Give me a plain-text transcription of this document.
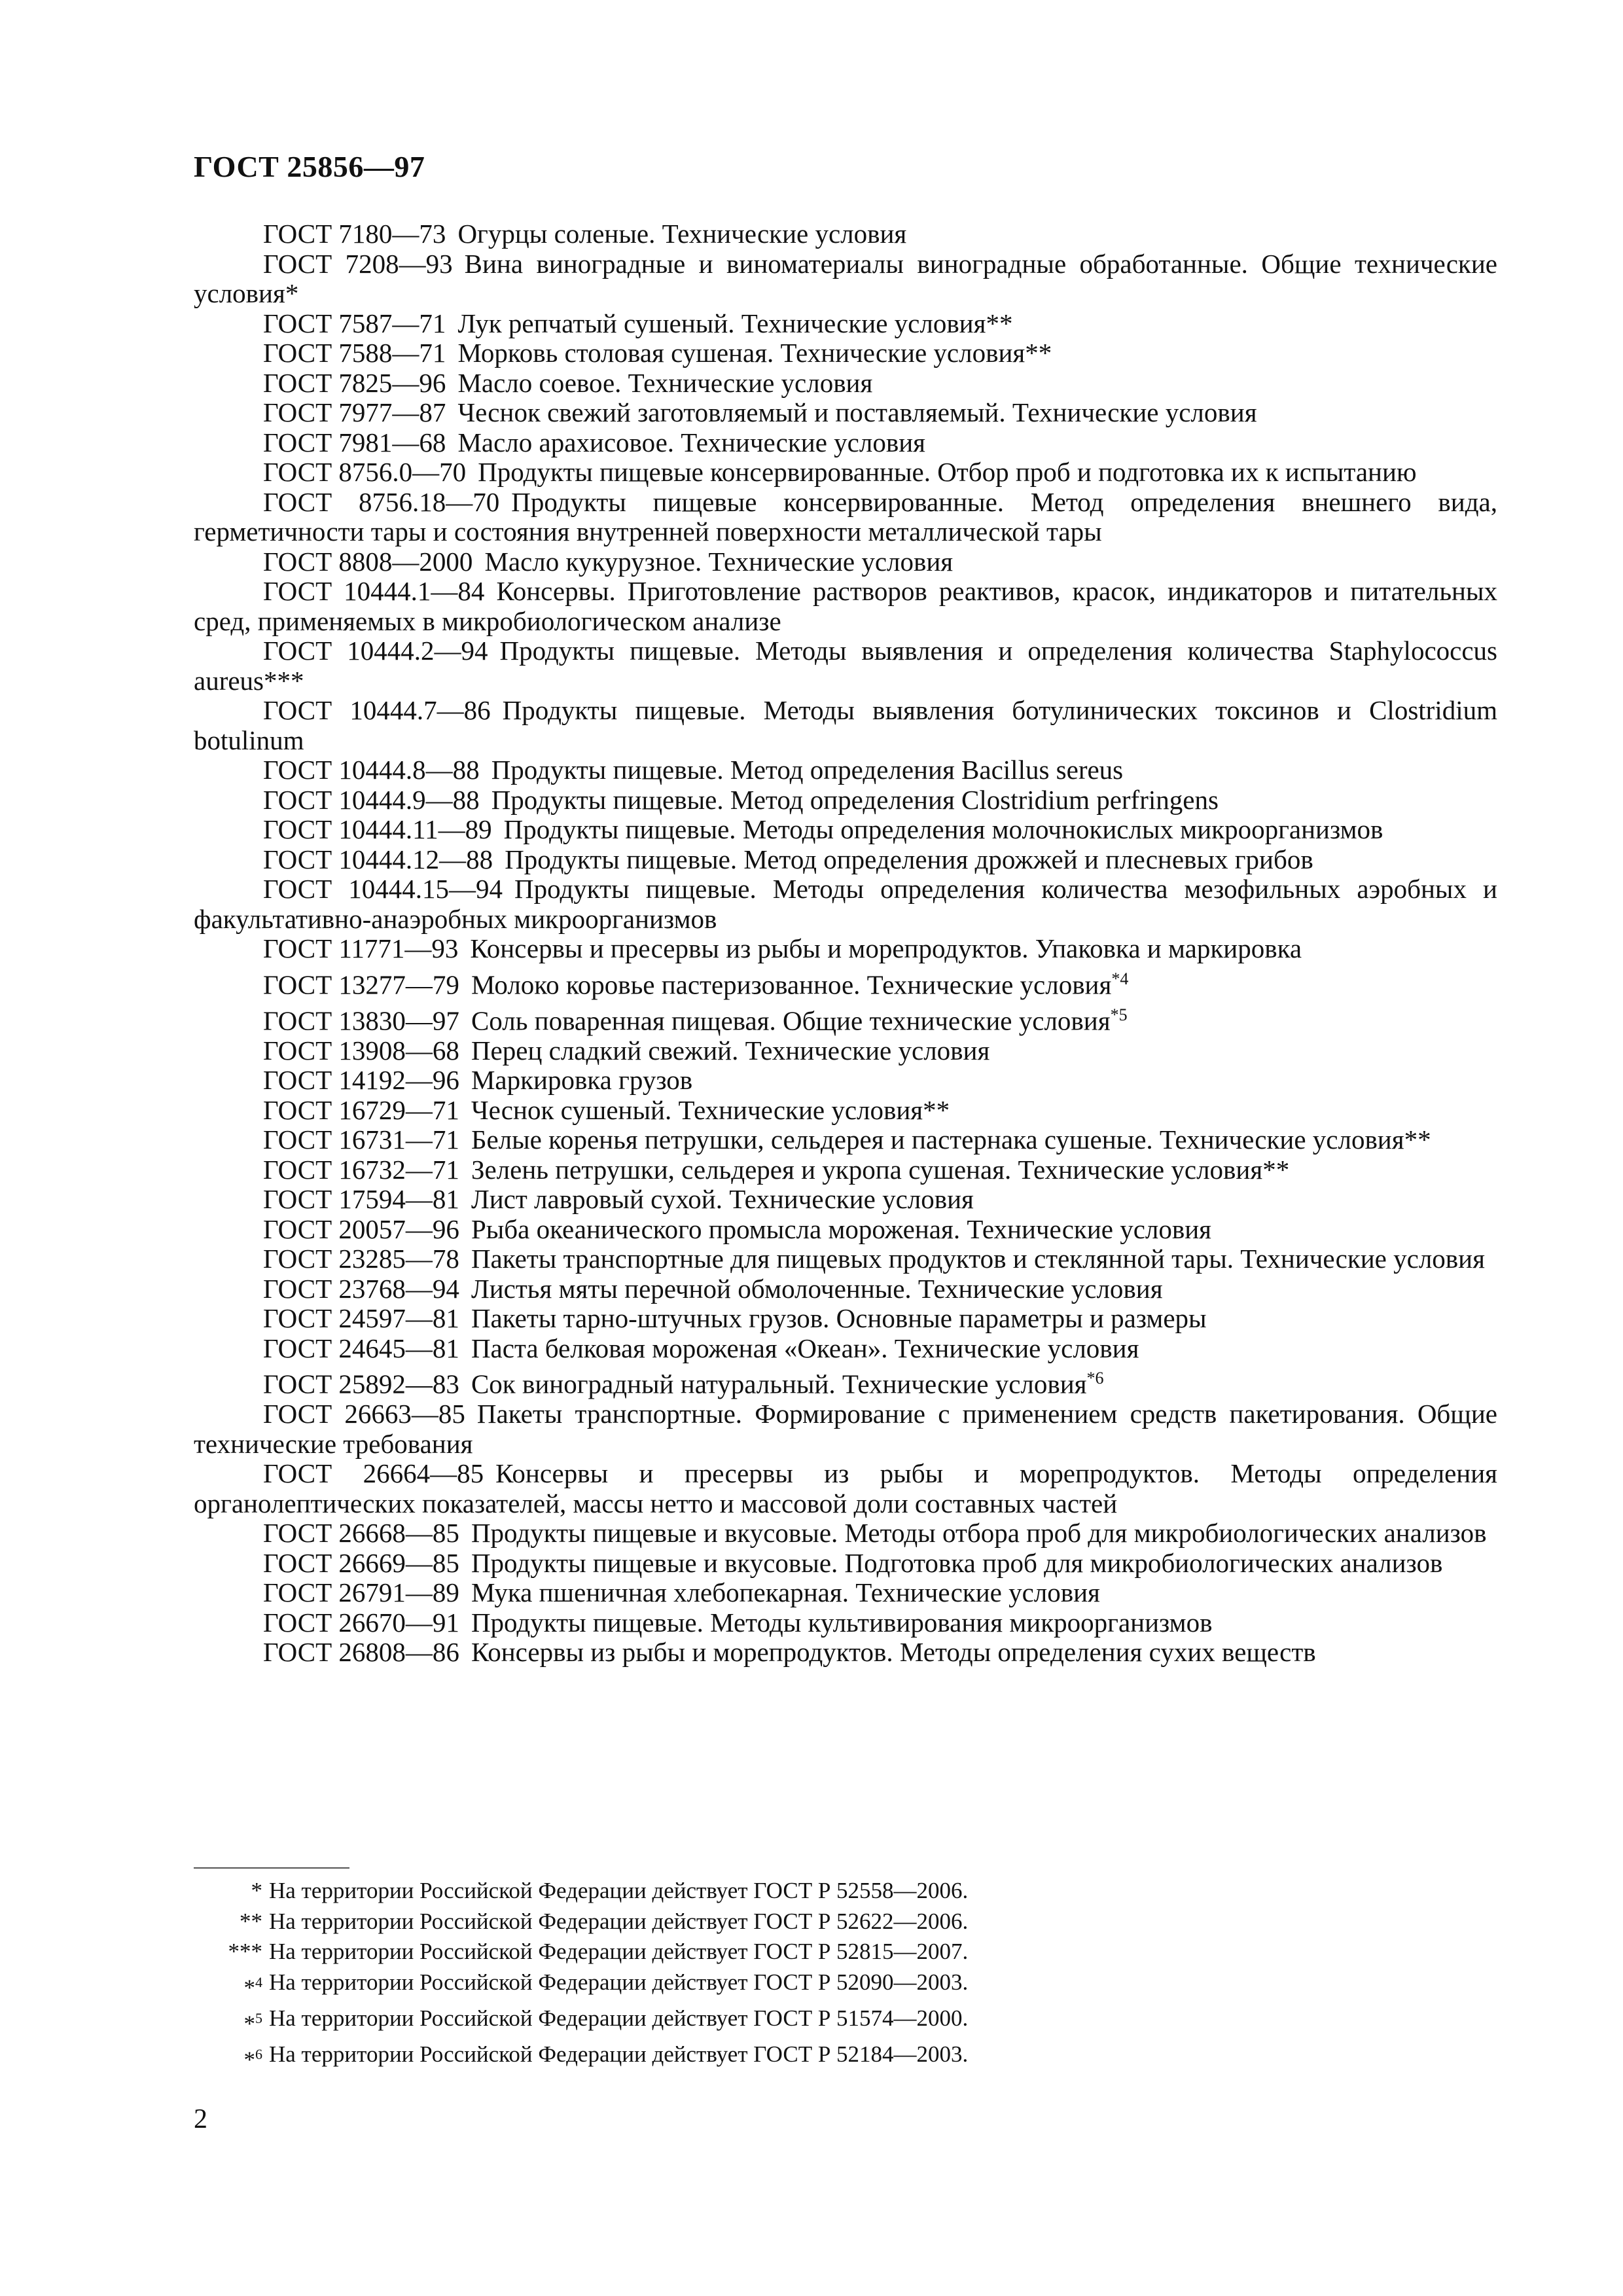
ГОСТ 25856—97

ГОСТ 7180—73 Огурцы соленые. Технические условия

ГОСТ 7208—93 Вина виноградные и виноматериалы виноградные обработанные. Общие технические условия*

ГОСТ 7587—71 Лук репчатый сушеный. Технические условия**

ГОСТ 7588—71 Морковь столовая сушеная. Технические условия**

ГОСТ 7825—96 Масло соевое. Технические условия

ГОСТ 7977—87 Чеснок свежий заготовляемый и поставляемый. Технические условия

ГОСТ 7981—68 Масло арахисовое. Технические условия

ГОСТ 8756.0—70 Продукты пищевые консервированные. Отбор проб и подготовка их к испытанию

ГОСТ 8756.18—70 Продукты пищевые консервированные. Метод определения внешнего вида, герметичности тары и состояния внутренней поверхности металлической тары

ГОСТ 8808—2000 Масло кукурузное. Технические условия

ГОСТ 10444.1—84 Консервы. Приготовление растворов реактивов, красок, индикаторов и питательных сред, применяемых в микробиологическом анализе

ГОСТ 10444.2—94 Продукты пищевые. Методы выявления и определения количества Staphylococcus aureus***

ГОСТ 10444.7—86 Продукты пищевые. Методы выявления ботулинических токсинов и Clostridium botulinum

ГОСТ 10444.8—88 Продукты пищевые. Метод определения Bacillus sereus

ГОСТ 10444.9—88 Продукты пищевые. Метод определения Clostridium perfringens

ГОСТ 10444.11—89 Продукты пищевые. Методы определения молочнокислых микроорганизмов

ГОСТ 10444.12—88 Продукты пищевые. Метод определения дрожжей и плесневых грибов

ГОСТ 10444.15—94 Продукты пищевые. Методы определения количества мезофильных аэробных и факультативно-анаэробных микроорганизмов

ГОСТ 11771—93 Консервы и пресервы из рыбы и морепродуктов. Упаковка и маркировка

ГОСТ 13277—79 Молоко коровье пастеризованное. Технические условия$^{*4}$

ГОСТ 13830—97 Соль поваренная пищевая. Общие технические условия$^{*5}$

ГОСТ 13908—68 Перец сладкий свежий. Технические условия

ГОСТ 14192—96 Маркировка грузов

ГОСТ 16729—71 Чеснок сушеный. Технические условия**

ГОСТ 16731—71 Белые коренья петрушки, сельдерея и пастернака сушеные. Технические условия**

ГОСТ 16732—71 Зелень петрушки, сельдерея и укропа сушеная. Технические условия**

ГОСТ 17594—81 Лист лавровый сухой. Технические условия

ГОСТ 20057—96 Рыба океанического промысла мороженая. Технические условия

ГОСТ 23285—78 Пакеты транспортные для пищевых продуктов и стеклянной тары. Технические условия

ГОСТ 23768—94 Листья мяты перечной обмолоченные. Технические условия

ГОСТ 24597—81 Пакеты тарно-штучных грузов. Основные параметры и размеры

ГОСТ 24645—81 Паста белковая мороженая «Океан». Технические условия

ГОСТ 25892—83 Сок виноградный натуральный. Технические условия$^{*6}$

ГОСТ 26663—85 Пакеты транспортные. Формирование с применением средств пакетирования. Общие технические требования

ГОСТ 26664—85 Консервы и пресервы из рыбы и морепродуктов. Методы определения органолептических показателей, массы нетто и массовой доли составных частей

ГОСТ 26668—85 Продукты пищевые и вкусовые. Методы отбора проб для микробиологических анализов

ГОСТ 26669—85 Продукты пищевые и вкусовые. Подготовка проб для микробиологических анализов

ГОСТ 26791—89 Мука пшеничная хлебопекарная. Технические условия

ГОСТ 26670—91 Продукты пищевые. Методы культивирования микроорганизмов

ГОСТ 26808—86 Консервы из рыбы и морепродуктов. Методы определения сухих веществ

* На территории Российской Федерации действует ГОСТ Р 52558—2006.
** На территории Российской Федерации действует ГОСТ Р 52622—2006.
*** На территории Российской Федерации действует ГОСТ Р 52815—2007.
*$^4$ На территории Российской Федерации действует ГОСТ Р 52090—2003.
*$^5$ На территории Российской Федерации действует ГОСТ Р 51574—2000.
*$^6$ На территории Российской Федерации действует ГОСТ Р 52184—2003.
2
